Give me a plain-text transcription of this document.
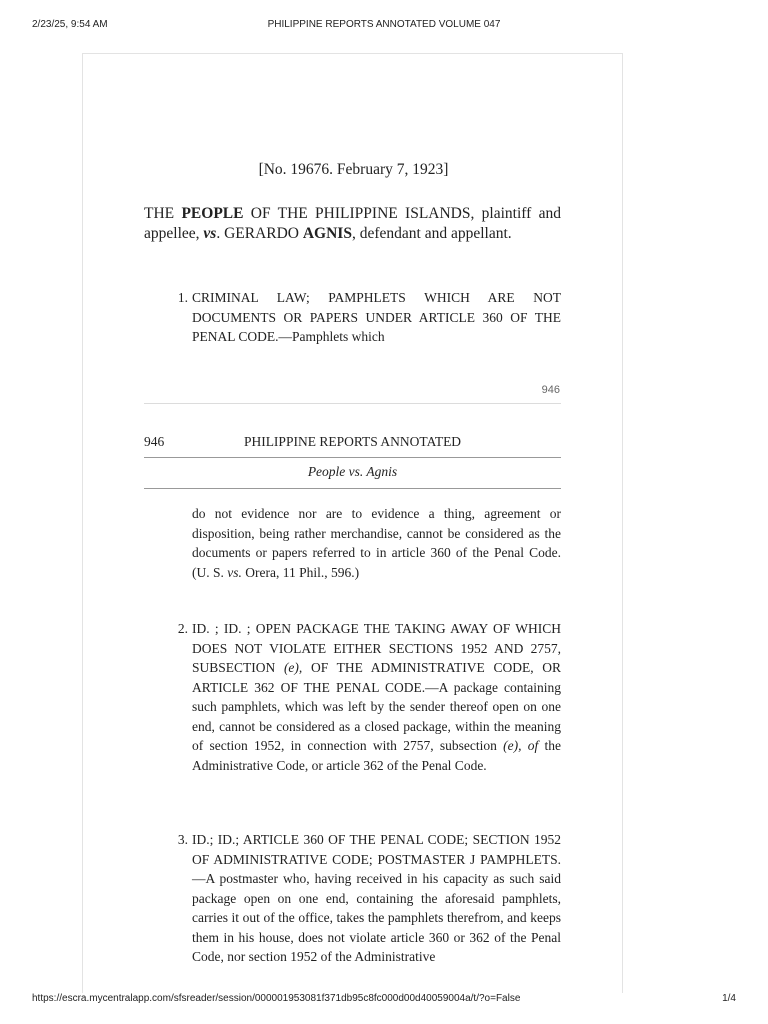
2/23/25, 9:54 AM	PHILIPPINE REPORTS ANNOTATED VOLUME 047
[No. 19676. February 7, 1923]
THE PEOPLE OF THE PHILIPPINE ISLANDS, plaintiff and appellee, vs. GERARDO AGNIS, defendant and appellant.
1. CRIMINAL LAW; PAMPHLETS WHICH ARE NOT DOCUMENTS OR PAPERS UNDER ARTICLE 360 OF THE PENAL CODE.—Pamphlets which
946
PHILIPPINE REPORTS ANNOTATED
946
People vs. Agnis
do not evidence nor are to evidence a thing, agreement or disposition, being rather merchandise, cannot be considered as the documents or papers referred to in article 360 of the Penal Code. (U. S. vs. Orera, 11 Phil., 596.)
2. ID. ; ID. ; OPEN PACKAGE THE TAKING AWAY OF WHICH DOES NOT VIOLATE EITHER SECTIONS 1952 AND 2757, SUBSECTION (e), OF THE ADMINISTRATIVE CODE, OR ARTICLE 362 OF THE PENAL CODE.—A package containing such pamphlets, which was left by the sender thereof open on one end, cannot be considered as a closed package, within the meaning of section 1952, in connection with 2757, subsection (e), of the Administrative Code, or article 362 of the Penal Code.
3. ID.; ID.; ARTICLE 360 OF THE PENAL CODE; SECTION 1952 OF ADMINISTRATIVE CODE; POSTMASTER J PAMPHLETS.—A postmaster who, having received in his capacity as such said package open on one end, containing the aforesaid pamphlets, carries it out of the office, takes the pamphlets therefrom, and keeps them in his house, does not violate article 360 or 362 of the Penal Code, nor section 1952 of the Administrative
https://escra.mycentralapp.com/sfsreader/session/000001953081f371db95c8fc000d00d40059004a/t/?o=False	1/4
